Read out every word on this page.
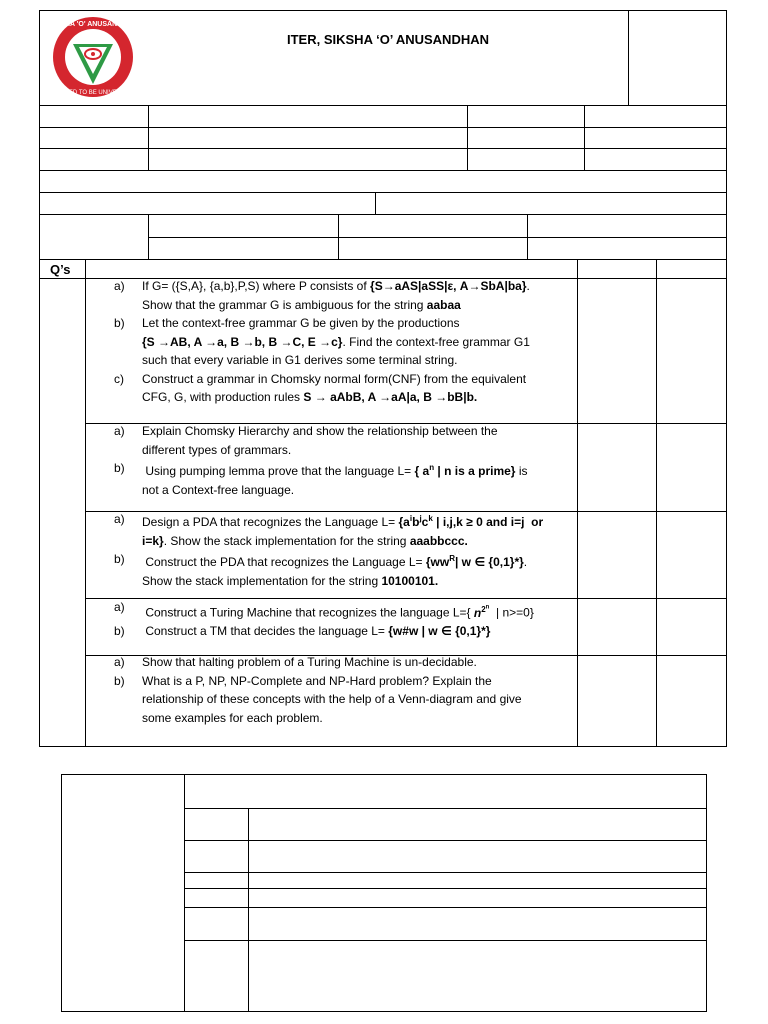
SIKSHA 'O' ANUSANDHAN
DEEMED TO BE UNIVERSITY
ITER, SIKSHA ‘O’ ANUSANDHAN
Q’s
a) If G= ({S,A}, {a,b},P,S) where P consists of {S→aAS|aSS|ε, A→SbA|ba}.
Show that the grammar G is ambiguous for the string aabaa
b) Let the context-free grammar G be given by the productions
{S →AB, A →a, B →b, B →C, E →c}. Find the context-free grammar G1
such that every variable in G1 derives some terminal string.
c) Construct a grammar in Chomsky normal form(CNF) from the equivalent
CFG, G, with production rules S → aAbB, A →aA|a, B →bB|b.
a) Explain Chomsky Hierarchy and show the relationship between the
different types of grammars.
b) Using pumping lemma prove that the language L= { $a^n$ | n is a prime} is
not a Context-free language.
a) Design a PDA that recognizes the Language $L= \{a^ib^jc^k$ | i,j,k ≥ 0 and i=j or
i=k}. Show the stack implementation for the string aaabbccc.
b) Construct the PDA that recognizes the Language $L= \{ww^R|$ w ∈ {0,1}*}.
Show the stack implementation for the string 10100101.
a) Construct a Turing Machine that recognizes the language L={ $n^{2^n}$  | n>=0}
b) Construct a TM that decides the language L= {w#w | w ∈ {0,1}*}
a) Show that halting problem of a Turing Machine is un-decidable.
b) What is a P, NP, NP-Complete and NP-Hard problem? Explain the
relationship of these concepts with the help of a Venn-diagram and give
some examples for each problem.
